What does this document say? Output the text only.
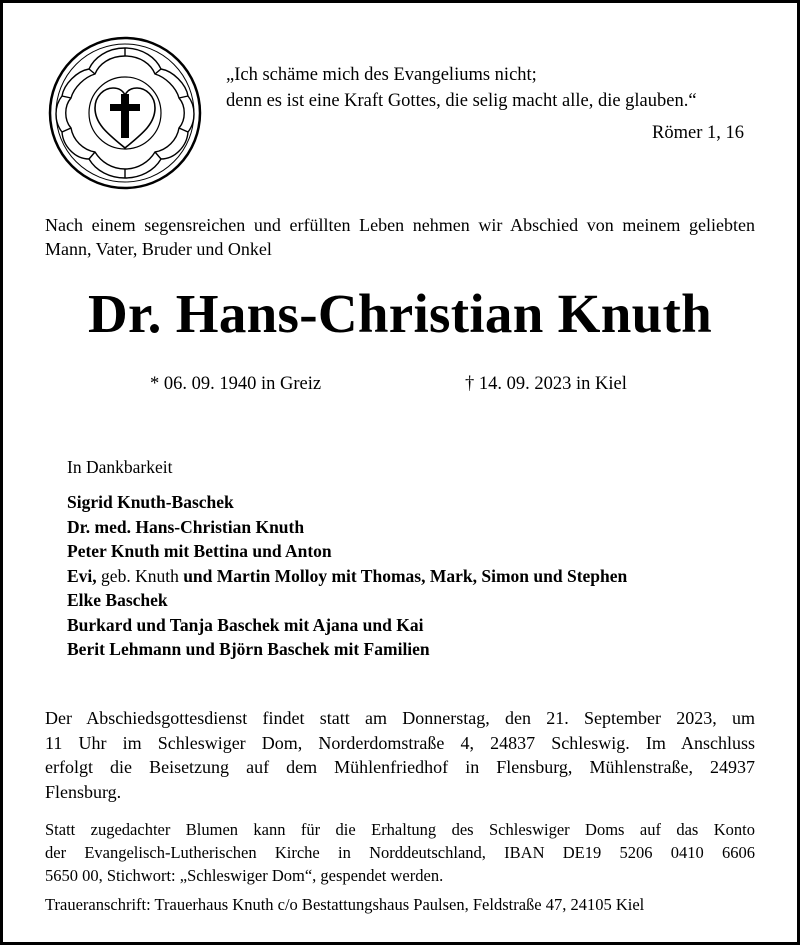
„Ich schäme mich des Evangeliums nicht;
denn es ist eine Kraft Gottes, die selig macht alle, die glauben.“
Römer 1, 16
Nach einem segensreichen und erfüllten Leben nehmen wir Abschied von meinem geliebten Mann, Vater, Bruder und Onkel
Dr. Hans-Christian Knuth
* 06. 09. 1940 in Greiz	† 14. 09. 2023 in Kiel
In Dankbarkeit
Sigrid Knuth-Baschek
Dr. med. Hans-Christian Knuth
Peter Knuth mit Bettina und Anton
Evi, geb. Knuth und Martin Molloy mit Thomas, Mark, Simon und Stephen
Elke Baschek
Burkard und Tanja Baschek mit Ajana und Kai
Berit Lehmann und Björn Baschek mit Familien
Der Abschiedsgottesdienst findet statt am Donnerstag, den 21. September 2023, um
11 Uhr im Schleswiger Dom, Norderdomstraße 4, 24837 Schleswig. Im Anschluss
erfolgt die Beisetzung auf dem Mühlenfriedhof in Flensburg, Mühlenstraße, 24937
Flensburg.
Statt zugedachter Blumen kann für die Erhaltung des Schleswiger Doms auf das Konto
der Evangelisch-Lutherischen Kirche in Norddeutschland, IBAN DE19 5206 0410 6606
5650 00, Stichwort: „Schleswiger Dom“, gespendet werden.
Traueranschrift: Trauerhaus Knuth c/o Bestattungshaus Paulsen, Feldstraße 47, 24105 Kiel
